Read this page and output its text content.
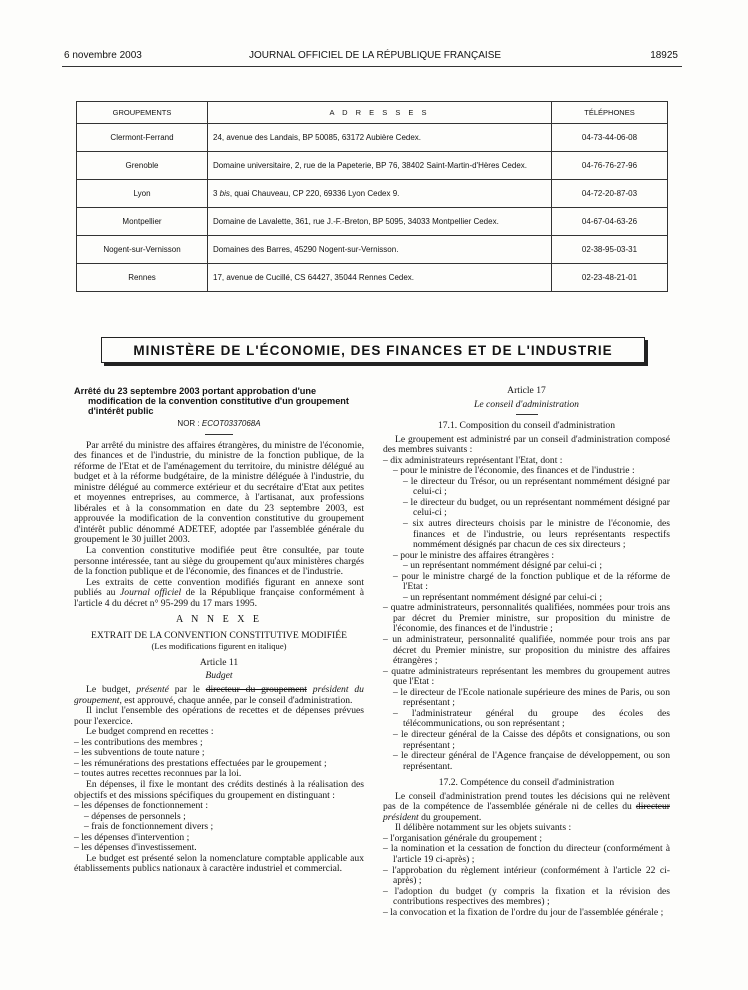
6 novembre 2003	JOURNAL OFFICIEL DE LA RÉPUBLIQUE FRANÇAISE	18925
GROUPEMENTS	A D R E S S E S	TÉLÉPHONES
Clermont-Ferrand	24, avenue des Landais, BP 50085, 63172 Aubière Cedex.	04-73-44-06-08
Grenoble	Domaine universitaire, 2, rue de la Papeterie, BP 76, 38402 Saint-Martin-d'Hères Cedex.	04-76-76-27-96
Lyon	3 bis, quai Chauveau, CP 220, 69336 Lyon Cedex 9.	04-72-20-87-03
Montpellier	Domaine de Lavalette, 361, rue J.-F.-Breton, BP 5095, 34033 Montpellier Cedex.	04-67-04-63-26
Nogent-sur-Vernisson	Domaines des Barres, 45290 Nogent-sur-Vernisson.	02-38-95-03-31
Rennes	17, avenue de Cucillé, CS 64427, 35044 Rennes Cedex.	02-23-48-21-01
MINISTÈRE DE L'ÉCONOMIE, DES FINANCES ET DE L'INDUSTRIE
Arrêté du 23 septembre 2003 portant approbation d'une modification de la convention constitutive d'un groupement d'intérêt public
NOR : ECOT0337068A

Par arrêté du ministre des affaires étrangères, du ministre de l'économie, des finances et de l'industrie, du ministre de la fonction publique, de la réforme de l'Etat et de l'aménagement du territoire, du ministre délégué au budget et à la réforme budgétaire, de la ministre déléguée à l'industrie, du ministre délégué au commerce extérieur et du secrétaire d'Etat aux petites et moyennes entreprises, au commerce, à l'artisanat, aux professions libérales et à la consommation en date du 23 septembre 2003, est approuvée la modification de la convention constitutive du groupement d'intérêt public dénommé ADETEF, adoptée par l'assemblée générale du groupement le 30 juillet 2003.

La convention constitutive modifiée peut être consultée, par toute personne intéressée, tant au siège du groupement qu'aux ministères chargés de la fonction publique et de l'économie, des finances et de l'industrie.

Les extraits de cette convention modifiés figurant en annexe sont publiés au Journal officiel de la République française conformément à l'article 4 du décret n° 95-299 du 17 mars 1995.

A N N E X E
EXTRAIT DE LA CONVENTION CONSTITUTIVE MODIFIÉE
(Les modifications figurent en italique)
Article 11
Budget

Le budget, présenté par le directeur du groupement président du groupement, est approuvé, chaque année, par le conseil d'administration.

Il inclut l'ensemble des opérations de recettes et de dépenses prévues pour l'exercice.

Le budget comprend en recettes :

– les contributions des membres ;
– les subventions de toute nature ;
– les rémunérations des prestations effectuées par le groupement ;
– toutes autres recettes reconnues par la loi.

En dépenses, il fixe le montant des crédits destinés à la réalisation des objectifs et des missions spécifiques du groupement en distinguant :

– les dépenses de fonctionnement :
– dépenses de personnels ;
– frais de fonctionnement divers ;
– les dépenses d'intervention ;
– les dépenses d'investissement.

Le budget est présenté selon la nomenclature comptable applicable aux établissements publics nationaux à caractère industriel et commercial.

Article 17
Le conseil d'administration
17.1. Composition du conseil d'administration

Le groupement est administré par un conseil d'administration composé des membres suivants :

– dix administrateurs représentant l'Etat, dont :
– pour le ministre de l'économie, des finances et de l'industrie :
– le directeur du Trésor, ou un représentant nommément désigné par celui-ci ;
– le directeur du budget, ou un représentant nommément désigné par celui-ci ;
– six autres directeurs choisis par le ministre de l'économie, des finances et de l'industrie, ou leurs représentants respectifs nommément désignés par chacun de ces six directeurs ;
– pour le ministre des affaires étrangères :
– un représentant nommément désigné par celui-ci ;
– pour le ministre chargé de la fonction publique et de la réforme de l'Etat :
– un représentant nommément désigné par celui-ci ;
– quatre administrateurs, personnalités qualifiées, nommées pour trois ans par décret du Premier ministre, sur proposition du ministre de l'économie, des finances et de l'industrie ;
– un administrateur, personnalité qualifiée, nommée pour trois ans par décret du Premier ministre, sur proposition du ministre des affaires étrangères ;
– quatre administrateurs représentant les membres du groupement autres que l'Etat :
– le directeur de l'Ecole nationale supérieure des mines de Paris, ou son représentant ;
– l'administrateur général du groupe des écoles des télécommunications, ou son représentant ;
– le directeur général de la Caisse des dépôts et consignations, ou son représentant ;
– le directeur général de l'Agence française de développement, ou son représentant.
17.2. Compétence du conseil d'administration

Le conseil d'administration prend toutes les décisions qui ne relèvent pas de la compétence de l'assemblée générale ni de celles du directeur président du groupement.

Il délibère notamment sur les objets suivants :

– l'organisation générale du groupement ;
– la nomination et la cessation de fonction du directeur (conformément à l'article 19 ci-après) ;
– l'approbation du règlement intérieur (conformément à l'article 22 ci-après) ;
– l'adoption du budget (y compris la fixation et la révision des contributions respectives des membres) ;
– la convocation et la fixation de l'ordre du jour de l'assemblée générale ;
